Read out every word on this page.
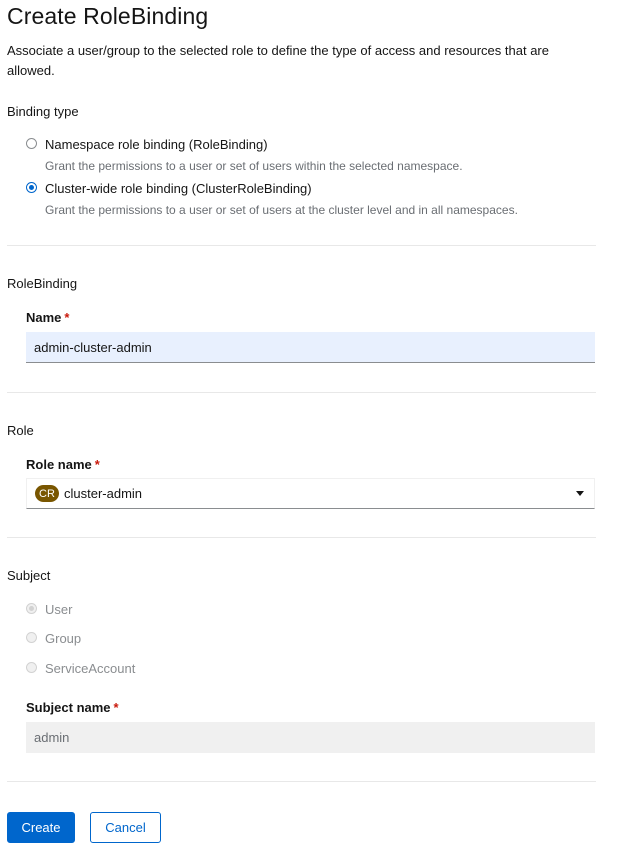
Create RoleBinding
Associate a user/group to the selected role to define the type of access and resources that are allowed.
Binding type
Namespace role binding (RoleBinding)
Grant the permissions to a user or set of users within the selected namespace.
Cluster-wide role binding (ClusterRoleBinding)
Grant the permissions to a user or set of users at the cluster level and in all namespaces.
RoleBinding
Name *
admin-cluster-admin
Role
Role name *
CR cluster-admin
Subject
User
Group
ServiceAccount
Subject name *
admin
Create	Cancel
